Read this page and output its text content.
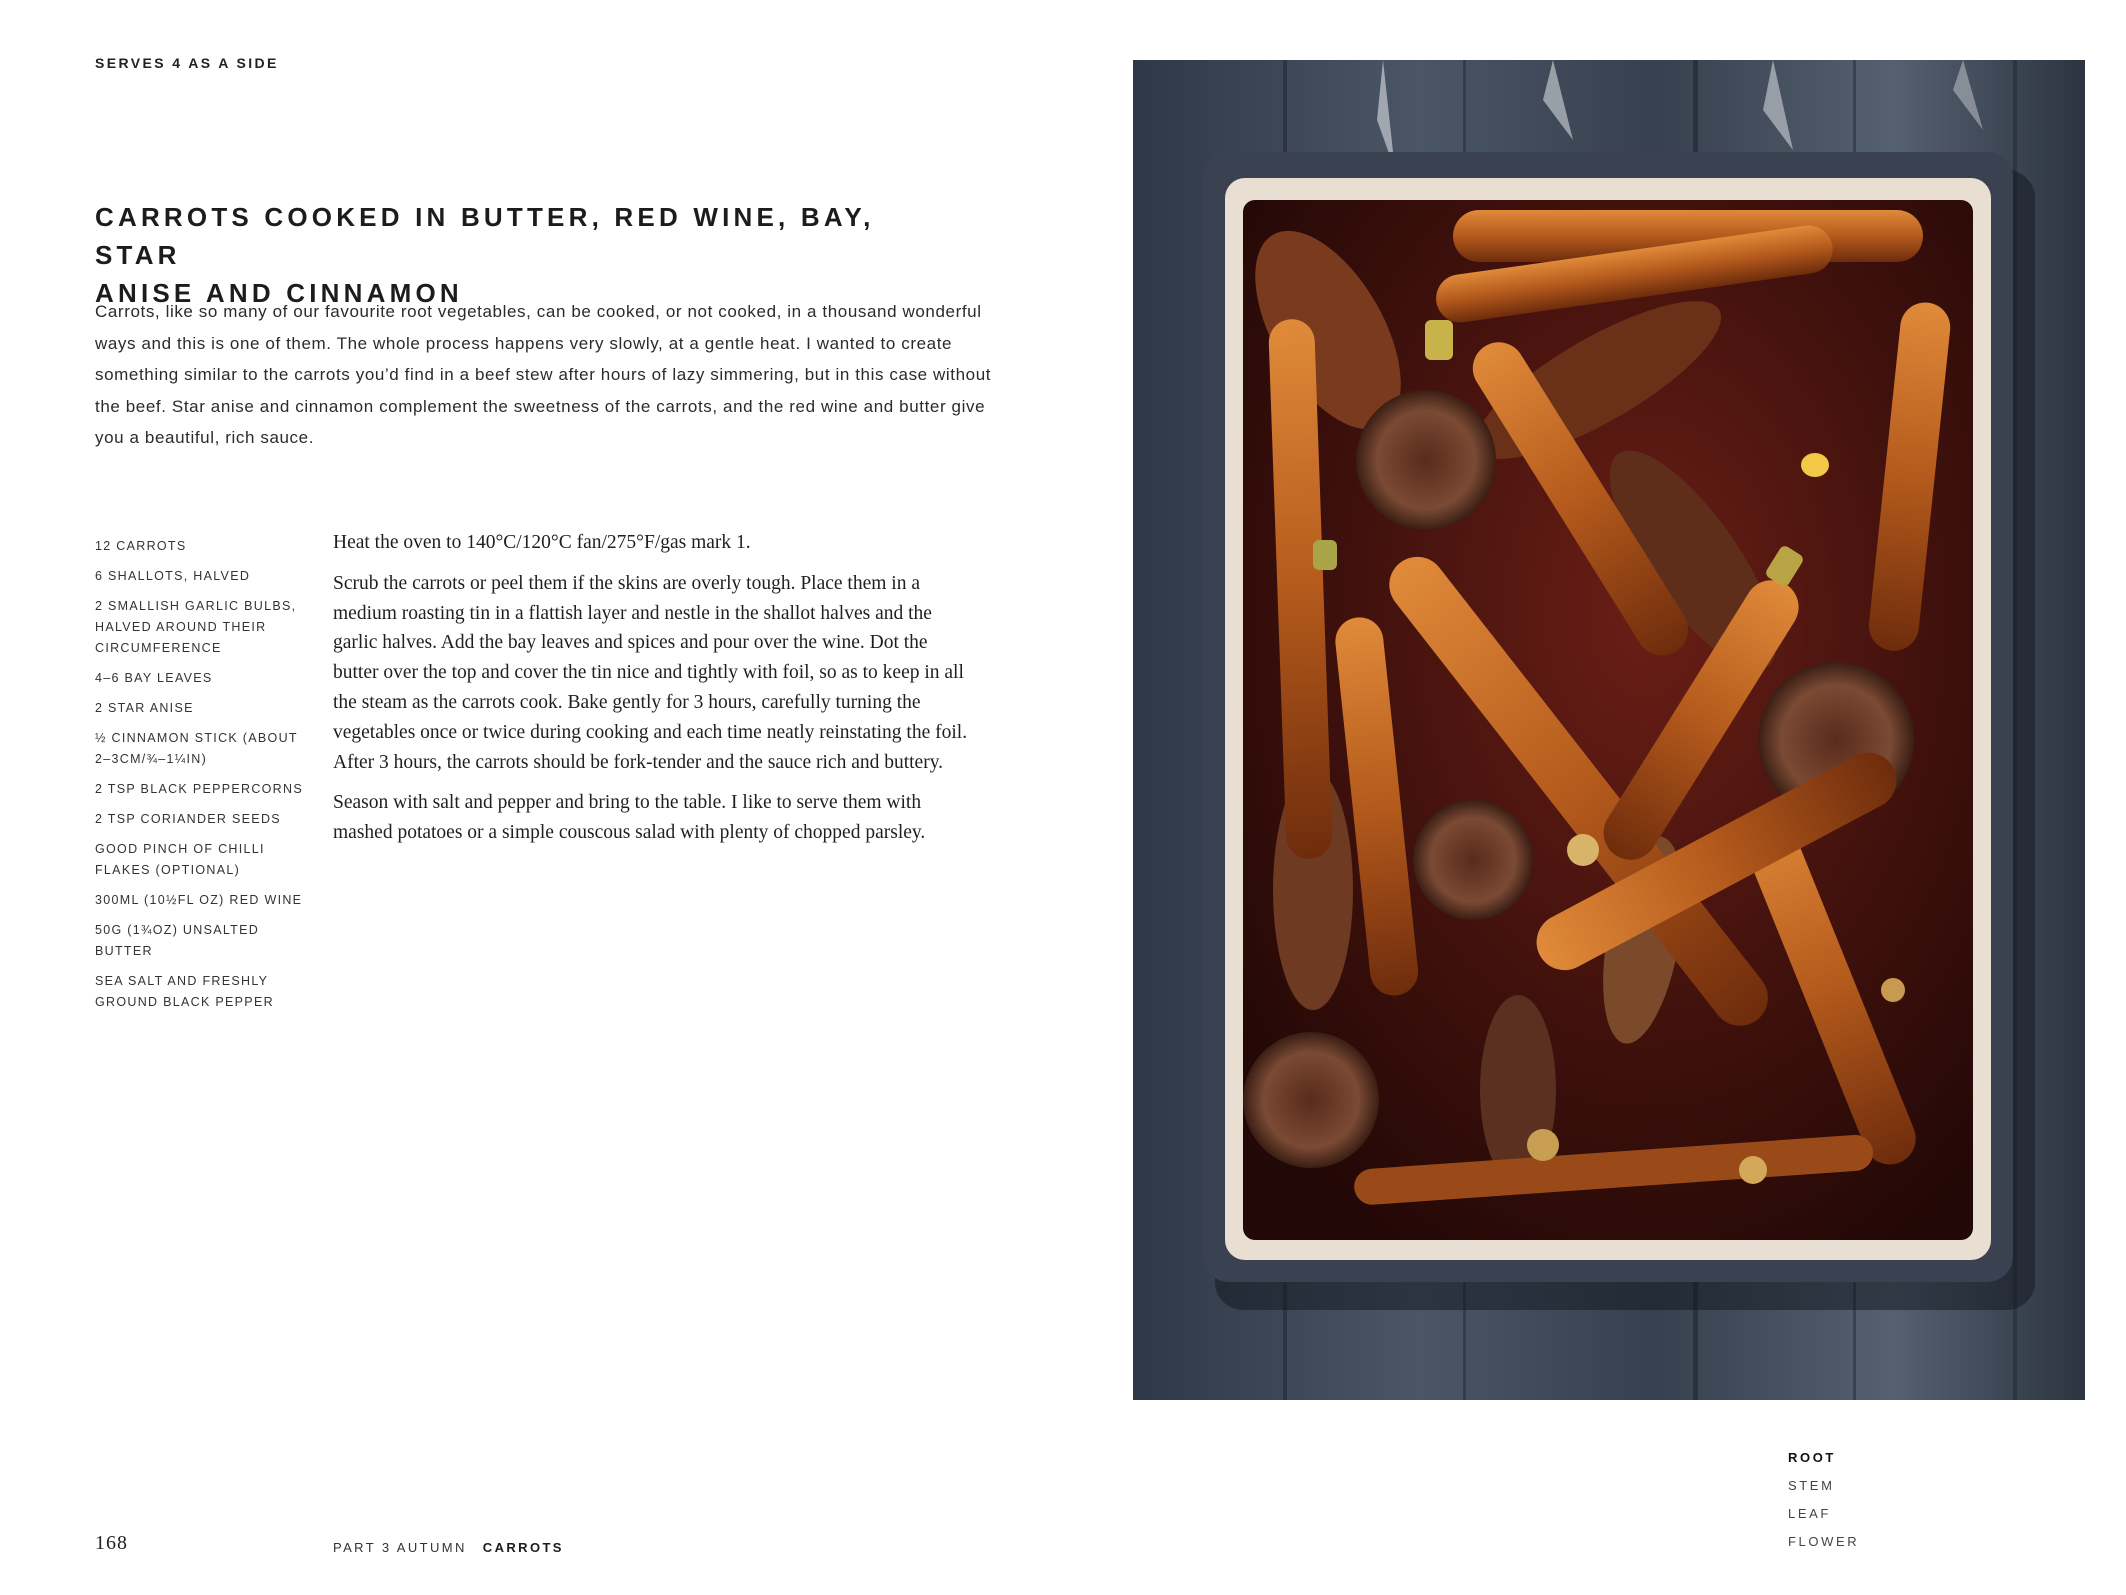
SERVES 4 AS A SIDE
CARROTS COOKED IN BUTTER, RED WINE, BAY, STAR
ANISE AND CINNAMON

Carrots, like so many of our favourite root vegetables, can be cooked, or not cooked, in a thousand wonderful ways and this is one of them. The whole process happens very slowly, at a gentle heat. I wanted to create something similar to the carrots you’d find in a beef stew after hours of lazy simmering, but in this case without the beef. Star anise and cinnamon complement the sweetness of the carrots, and the red wine and butter give you a beautiful, rich sauce.

12 CARROTS
6 SHALLOTS, HALVED
2 SMALLISH GARLIC BULBS, HALVED AROUND THEIR CIRCUMFERENCE
4–6 BAY LEAVES
2 STAR ANISE
½ CINNAMON STICK (ABOUT 2–3CM/¾–1¼IN)
2 TSP BLACK PEPPERCORNS
2 TSP CORIANDER SEEDS
GOOD PINCH OF CHILLI FLAKES (OPTIONAL)
300ML (10½FL OZ) RED WINE
50G (1¾OZ) UNSALTED BUTTER
SEA SALT AND FRESHLY GROUND BLACK PEPPER

Heat the oven to 140°C/120°C fan/275°F/gas mark 1.

Scrub the carrots or peel them if the skins are overly tough. Place them in a medium roasting tin in a flattish layer and nestle in the shallot halves and the garlic halves. Add the bay leaves and spices and pour over the wine. Dot the butter over the top and cover the tin nice and tightly with foil, so as to keep in all the steam as the carrots cook. Bake gently for 3 hours, carefully turning the vegetables once or twice during cooking and each time neatly reinstating the foil. After 3 hours, the carrots should be fork-tender and the sauce rich and buttery.

Season with salt and pepper and bring to the table. I like to serve them with mashed potatoes or a simple couscous salad with plenty of chopped parsley.

168	PART 3 AUTUMN CARROTS
ROOT
STEM
LEAF
FLOWER
